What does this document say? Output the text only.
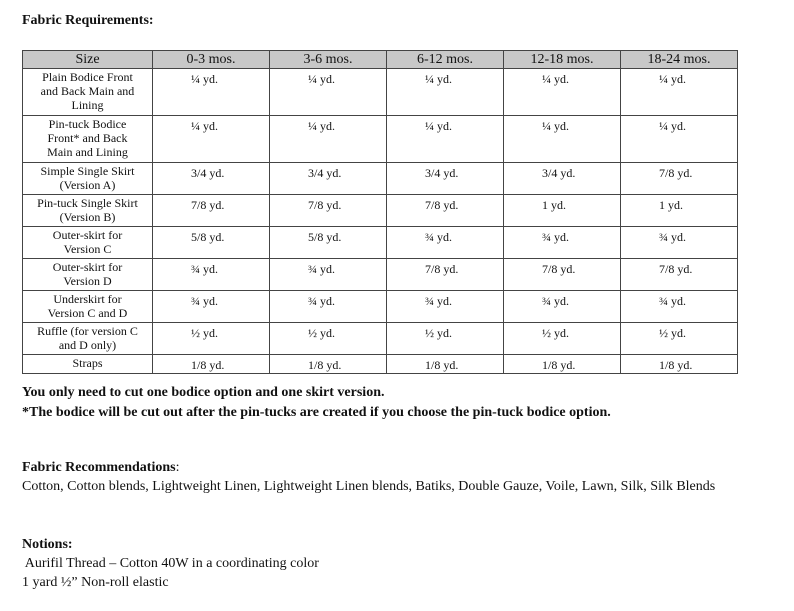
Fabric Requirements:
Size	0-3 mos.	3-6 mos.	6-12 mos.	12-18 mos.	18-24 mos.

Plain Bodice Front
and Back Main and
Lining	¼ yd.	¼ yd.	¼ yd.	¼ yd.	¼ yd.

Pin-tuck Bodice
Front* and Back
Main and Lining	¼ yd.	¼ yd.	¼ yd.	¼ yd.	¼ yd.

Simple Single Skirt
(Version A)	3/4 yd.	3/4 yd.	3/4 yd.	3/4 yd.	7/8 yd.

Pin-tuck Single Skirt
(Version B)	7/8 yd.	7/8 yd.	7/8 yd.	1 yd.	1 yd.

Outer-skirt for
Version C	5/8 yd.	5/8 yd.	¾ yd.	¾ yd.	¾ yd.

Outer-skirt for
Version D	¾ yd.	¾ yd.	7/8 yd.	7/8 yd.	7/8 yd.

Underskirt for
Version C and D	¾ yd.	¾ yd.	¾ yd.	¾ yd.	¾ yd.

Ruffle (for version C
and D only)	½ yd.	½ yd.	½ yd.	½ yd.	½ yd.

Straps	1/8 yd.	1/8 yd.	1/8 yd.	1/8 yd.	1/8 yd.
You only need to cut one bodice option and one skirt version.
*The bodice will be cut out after the pin-tucks are created if you choose the pin-tuck bodice option.
Fabric Recommendations:
Cotton, Cotton blends, Lightweight Linen, Lightweight Linen blends, Batiks, Double Gauze, Voile, Lawn, Silk, Silk Blends
Notions:
Aurifil Thread – Cotton 40W in a coordinating color
1 yard ½” Non-roll elastic
